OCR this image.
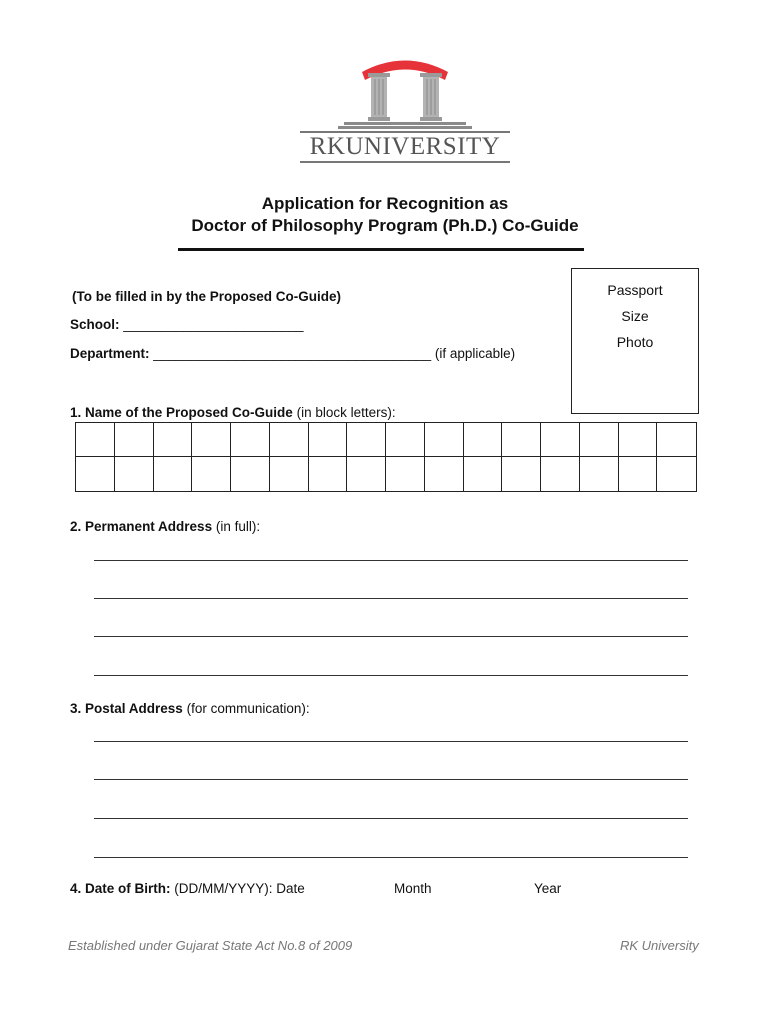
RKUNIVERSITY
Application for Recognition as
Doctor of Philosophy Program (Ph.D.) Co-Guide
Passport
Size
Photo
(To be filled in by the Proposed Co-Guide)
School: ________________________
Department: _____________________________________ (if applicable)
1. Name of the Proposed Co-Guide (in block letters):
2. Permanent Address (in full):
3. Postal Address (for communication):
4. Date of Birth: (DD/MM/YYYY): Date	Month	Year
Established under Gujarat State Act No.8 of 2009	RK University
